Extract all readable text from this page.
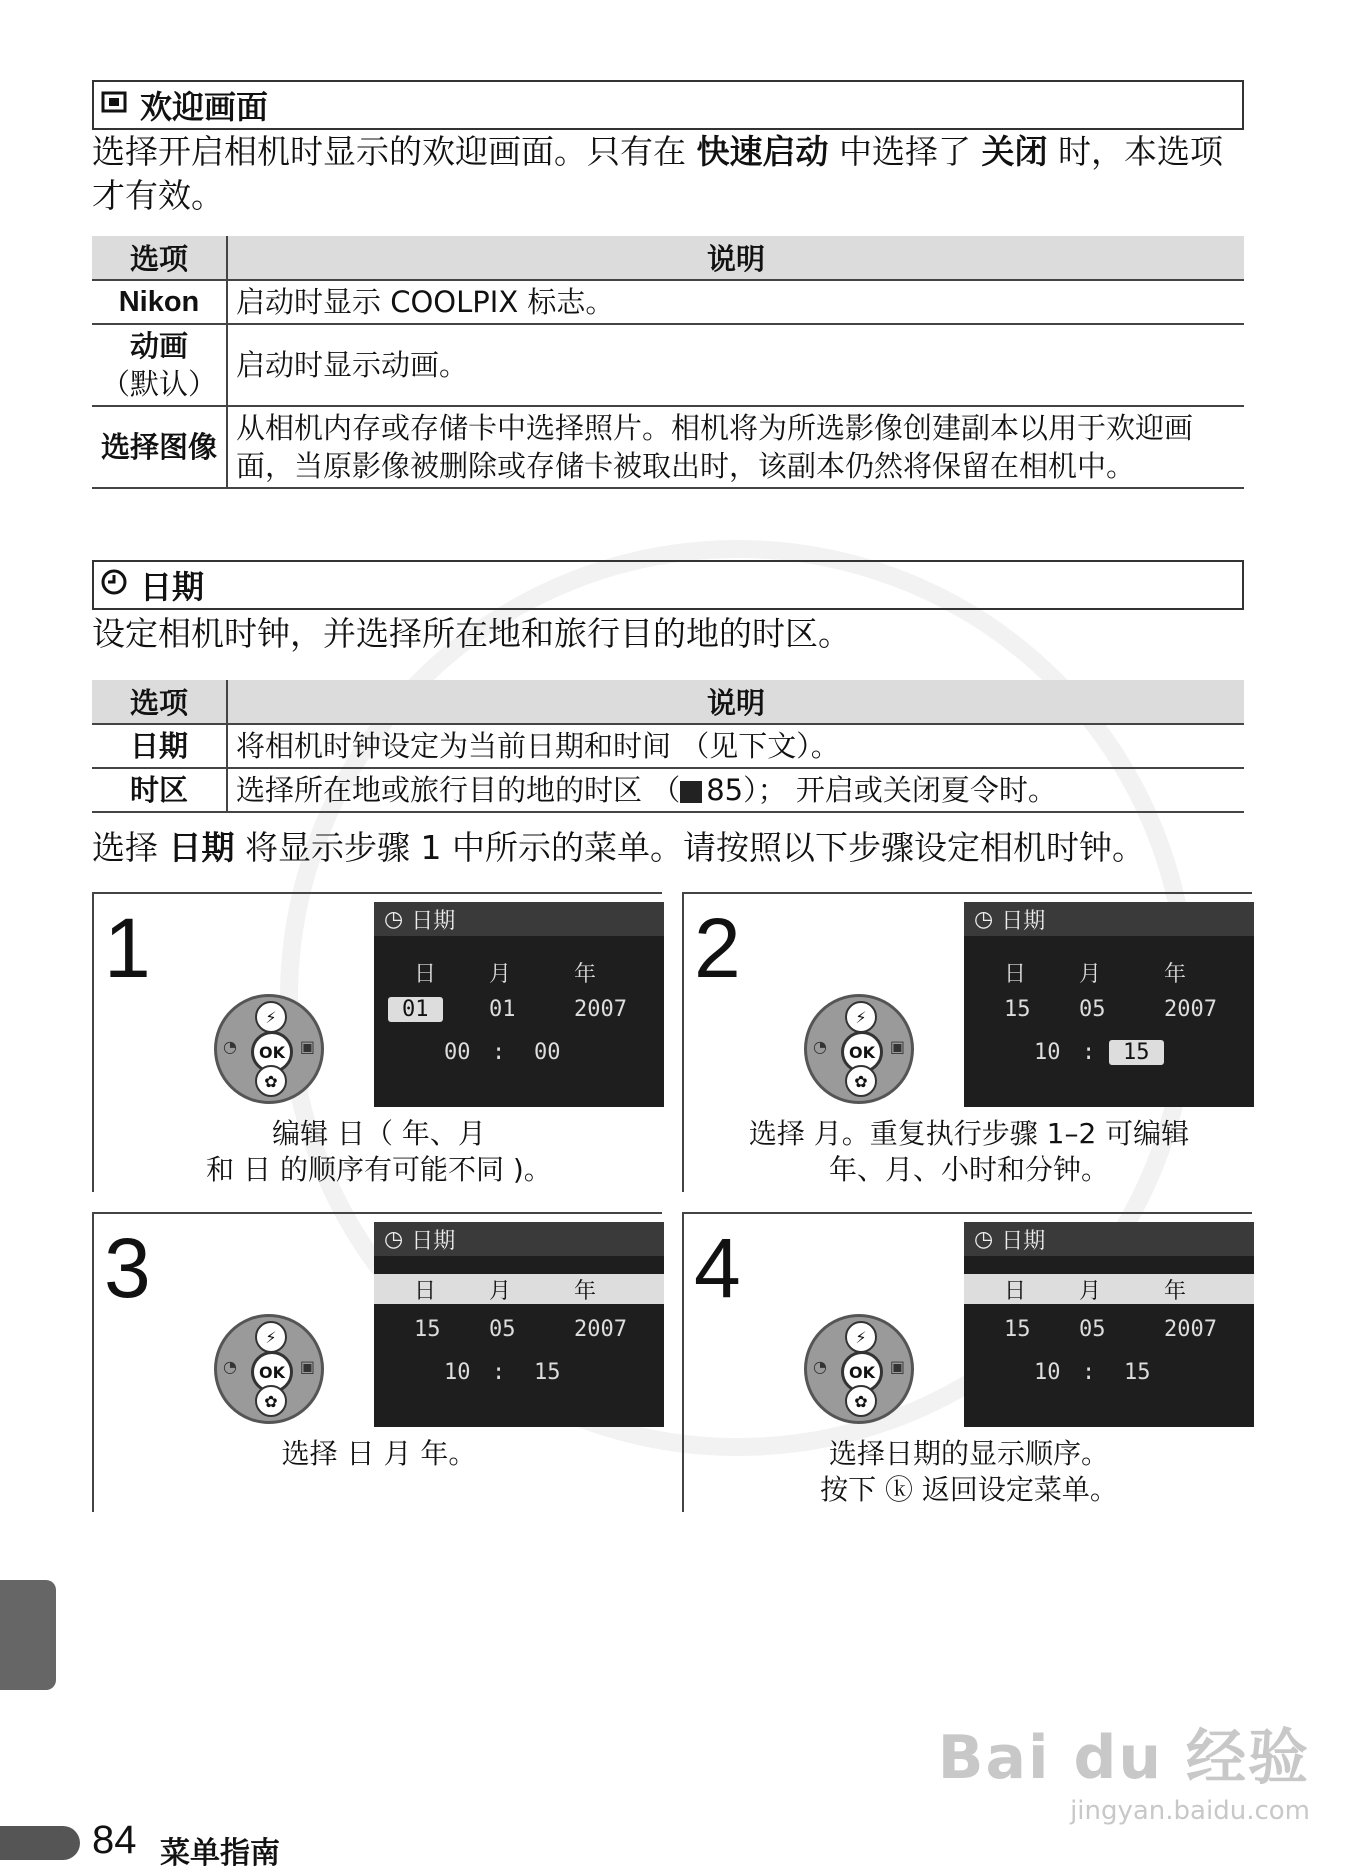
欢迎画面
选择开启相机时显示的欢迎画面。只有在 快速启动 中选择了 关闭 时，本选项才有效。
选项	说明
Nikon	启动时显示 COOLPIX 标志。

动画
（默认）	启动时显示动画。
选择图像	从相机内存或存储卡中选择照片。相机将为所选影像创建副本以用于欢迎画面，当原影像被删除或存储卡被取出时，该副本仍然将保留在相机中。
日期
设定相机时钟，并选择所在地和旅行目的地的时区。
选项	说明
日期	将相机时钟设定为当前日期和时间 （见下文）。
时区	选择所在地或旅行目的地的时区 （ 85）； 开启或关闭夏令时。
选择 日期 将显示步骤 1 中所示的菜单。请按照以下步骤设定相机时钟。
1	◷ 日期
日 月	年
01	01	2007
00 : 00
⚡
◔	OK ▣
✿
编辑 日（ 年、月
和 日 的顺序有可能不同 )。
2	◷ 日期
日 月	年
15 05	2007
10 :	15
⚡
◔	OK ▣
✿
选择 月。重复执行步骤 1–2 可编辑
年、月、小时和分钟。
3	◷ 日期
日 月	年
15 05	2007
10 : 15
⚡
◔	OK ▣
✿
选择 日 月 年。
4	◷ 日期
日 月	年
15 05	2007
10 : 15
⚡
◔	OK ▣
✿
选择日期的显示顺序。
按下 ⓚ 返回设定菜单。
84 菜单指南
Bai du 经验
jingyan.baidu.com
